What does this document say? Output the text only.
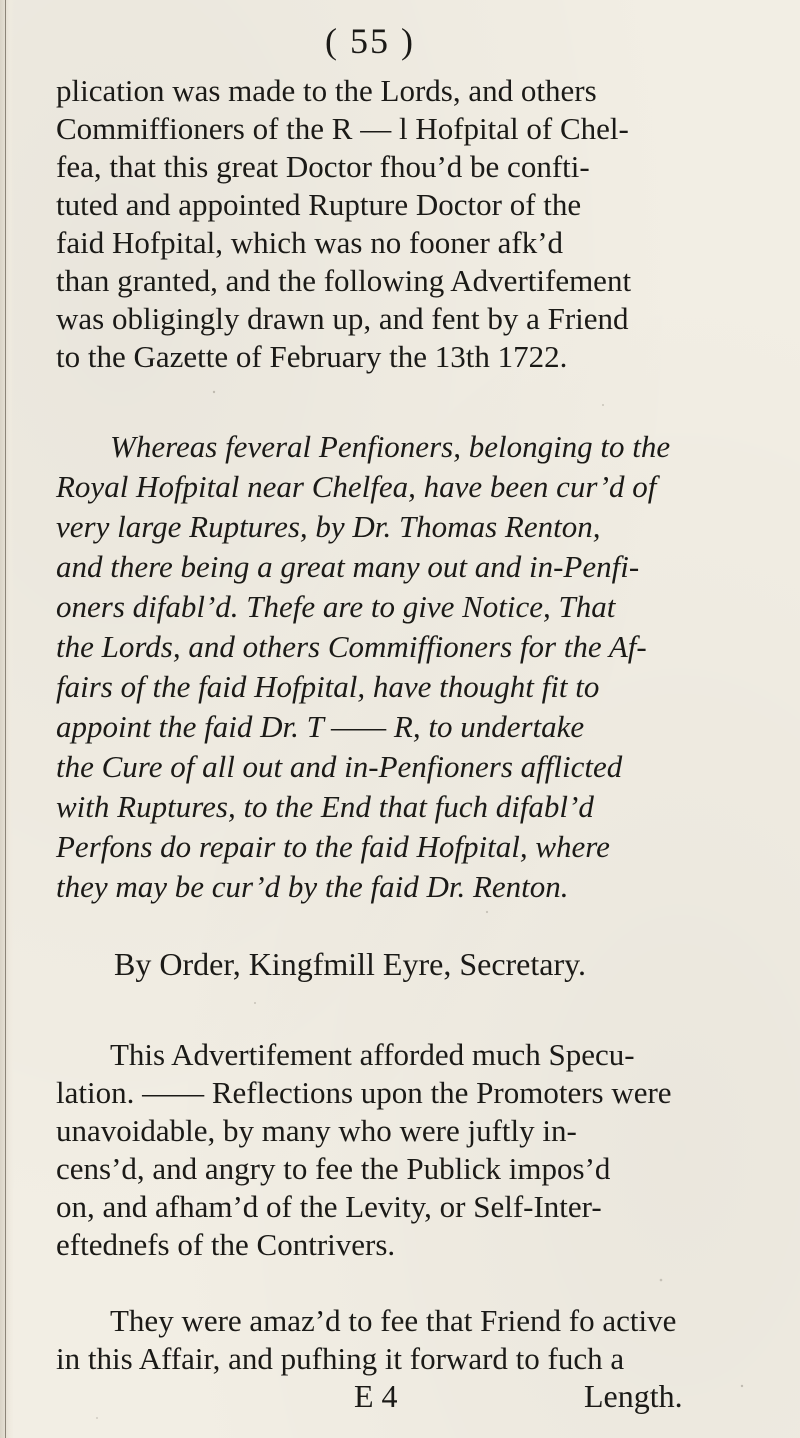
( 55 )
plication was made to the Lords, and others
Commiffioners of the R — l Hofpital of Chel-
fea, that this great Doctor fhou’d be confti-
tuted and appointed Rupture Doctor of the
faid Hofpital, which was no fooner afk’d
than granted, and the following Advertifement
was obligingly drawn up, and fent by a Friend
to the Gazette of February the 13th 1722.
Whereas feveral Penfioners, belonging to the
Royal Hofpital near Chelfea, have been cur’d of
very large Ruptures, by Dr. Thomas Renton,
and there being a great many out and in-Penfi-
oners difabl’d. Thefe are to give Notice, That
the Lords, and others Commiffioners for the Af-
fairs of the faid Hofpital, have thought fit to
appoint the faid Dr. T —— R, to undertake
the Cure of all out and in-Penfioners afflicted
with Ruptures, to the End that fuch difabl’d
Perfons do repair to the faid Hofpital, where
they may be cur’d by the faid Dr. Renton.
By Order, Kingfmill Eyre, Secretary.
This Advertifement afforded much Specu-
lation. —— Reflections upon the Promoters were
unavoidable, by many who were juftly in-
cens’d, and angry to fee the Publick impos’d
on, and afham’d of the Levity, or Self-Inter-
eftednefs of the Contrivers.
They were amaz’d to fee that Friend fo active
in this Affair, and pufhing it forward to fuch a
E 4	Length.
